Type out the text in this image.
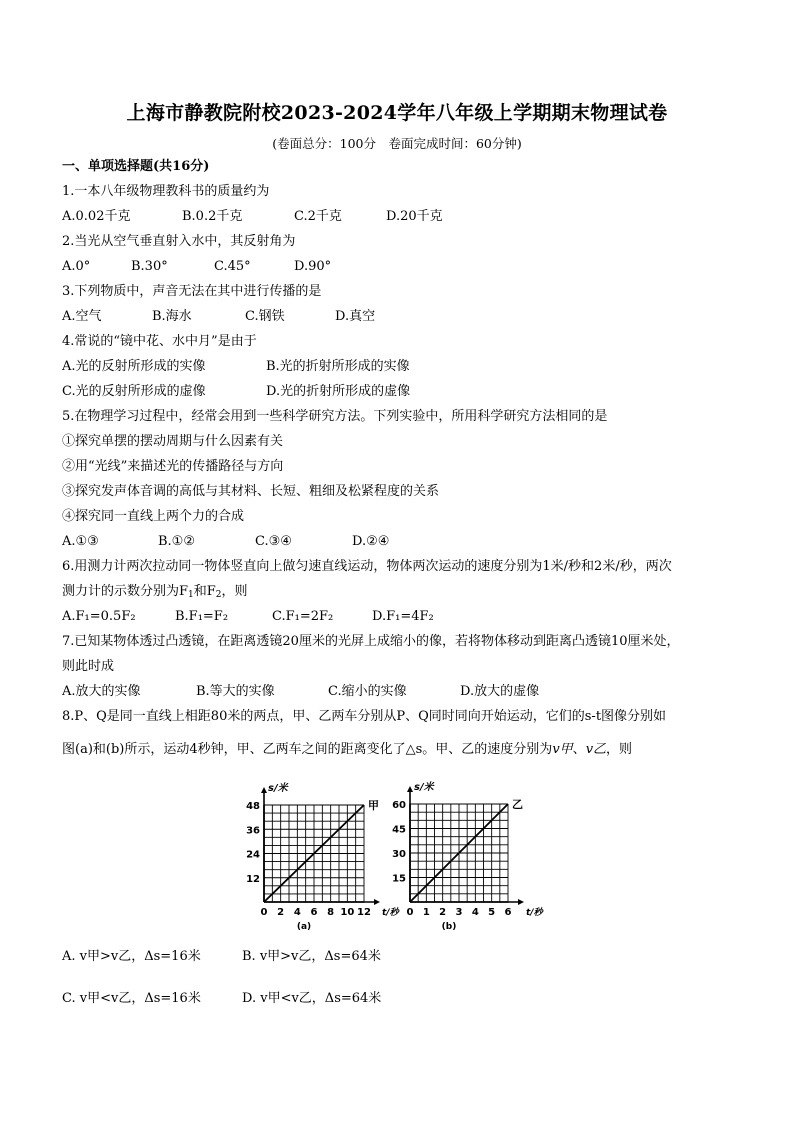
上海市静教院附校2023-2024学年八年级上学期期末物理试卷
(卷面总分：100分　卷面完成时间：60分钟)
一、单项选择题(共16分)
1.一本八年级物理教科书的质量约为
A.0.02千克	B.0.2千克	C.2千克	D.20千克
2.当光从空气垂直射入水中，其反射角为
A.0°	B.30°	C.45°	D.90°
3.下列物质中，声音无法在其中进行传播的是
A.空气	B.海水	C.钢铁	D.真空
4.常说的“镜中花、水中月”是由于
A.光的反射所形成的实像	B.光的折射所形成的实像
C.光的反射所形成的虚像	D.光的折射所形成的虚像
5.在物理学习过程中，经常会用到一些科学研究方法。下列实验中，所用科学研究方法相同的是
①探究单摆的摆动周期与什么因素有关
②用“光线”来描述光的传播路径与方向
③探究发声体音调的高低与其材料、长短、粗细及松紧程度的关系
④探究同一直线上两个力的合成
A.①③	B.①②	C.③④	D.②④
6.用测力计两次拉动同一物体竖直向上做匀速直线运动，物体两次运动的速度分别为1米/秒和2米/秒，两次
测力计的示数分别为$F_1$和$F_2$，则
A.F₁=0.5F₂	B.F₁=F₂	C.F₁=2F₂	D.F₁=4F₂
7.已知某物体透过凸透镜，在距离透镜20厘米的光屏上成缩小的像，若将物体移动到距离凸透镜10厘米处，
则此时成
A.放大的实像	B.等大的实像	C.缩小的实像	D.放大的虚像
8.P、Q是同一直线上相距80米的两点，甲、乙两车分别从P、Q同时同向开始运动，它们的s-t图像分别如
图(a)和(b)所示，运动4秒钟，甲、乙两车之间的距离变化了△s。甲、乙的速度分别为v甲、v乙，则
0 2 4 6 8 10 12
12
24
36
48
s/米
t/秒
(a)
甲
0 1 2 3 4 5 6
15
30
45
60
s/米
t/秒
(b)
乙
A. v甲>v乙，Δs=16米	B. v甲>v乙，Δs=64米
C. v甲<v乙，Δs=16米	D. v甲<v乙，Δs=64米
